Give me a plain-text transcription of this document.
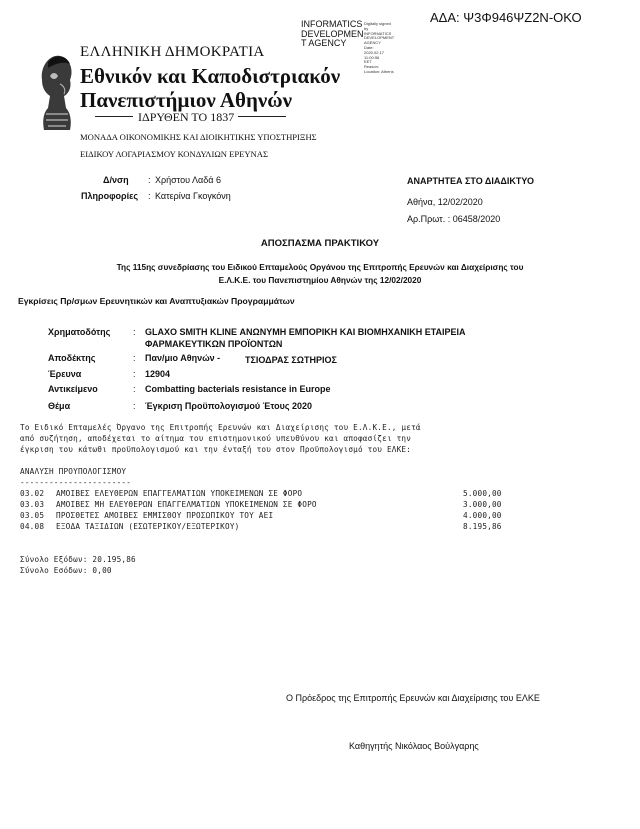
ΑΔΑ: Ψ3Φ946ΨΖ2Ν-ΟΚΟ
INFORMATICS
DEVELOPMEN
T AGENCY
Digitally signed by
INFORMATICS
DEVELOPMENT AGENCY
Date: 2020.02.17 11:00:56
EET
Reason:
Location: Athens
ΕΛΛΗΝΙΚΗ ΔΗΜΟΚΡΑΤΙΑ
Εθνικόν και Καποδιστριακόν
Πανεπιστήμιον Αθηνών
ΙΔΡΥΘΕΝ ΤΟ 1837
ΜΟΝΑΔΑ ΟΙΚΟΝΟΜΙΚΗΣ ΚΑΙ ΔΙΟΙΚΗΤΙΚΗΣ ΥΠΟΣΤΗΡΙΞΗΣ
ΕΙΔΙΚΟΥ ΛΟΓΑΡΙΑΣΜΟΥ ΚΟΝΔΥΛΙΩΝ ΕΡΕΥΝΑΣ
Δ/νση : Χρήστου Λαδά 6
Πληροφορίες : Κατερίνα Γκογκόνη
ΑΝΑΡΤΗΤΕΑ ΣΤΟ ΔΙΑΔΙΚΤΥΟ
Αθήνα, 12/02/2020
Αρ.Πρωτ. : 06458/2020
ΑΠΟΣΠΑΣΜΑ ΠΡΑΚΤΙΚΟΥ
Της 115ης συνεδρίασης του Ειδικού Επταμελούς Οργάνου της Επιτροπής Ερευνών και Διαχείρισης του
Ε.Λ.Κ.Ε. του Πανεπιστημίου Αθηνών της 12/02/2020
Εγκρίσεις Πρ/σμων Ερευνητικών και Αναπτυξιακών Προγραμμάτων
Χρηματοδότης	: GLAXO SMITH KLINE ΑΝΩΝΥΜΗ ΕΜΠΟΡΙΚΗ ΚΑΙ ΒΙΟΜΗΧΑΝΙΚΗ ΕΤΑΙΡΕΙΑ
ΦΑΡΜΑΚΕΥΤΙΚΩΝ ΠΡΟΪΟΝΤΩΝ
Αποδέκτης	: Παν/μιο Αθηνών -	ΤΣΙΟΔΡΑΣ ΣΩΤΗΡΙΟΣ
Έρευνα	: 12904
Αντικείμενο	: Combatting bacterials resistance in Europe
Θέμα	: Έγκριση Προϋπολογισμού Έτους 2020
Το Ειδικό Επταμελές Όργανο της Επιτροπής Ερευνών και Διαχείρισης του Ε.Λ.Κ.Ε., μετά
από συζήτηση, αποδέχεται το αίτημα του επιστημονικού υπευθύνου και αποφασίζει την
έγκριση του κάτωθι προϋπολογισμού και την ένταξή του στον Προϋπολογισμό του ΕΛΚΕ:
ΑΝΑΛΥΣΗ ΠΡΟΥΠΟΛΟΓΙΣΜΟΥ
-----------------------
03.02 ΑΜΟΙΒΕΣ ΕΛΕΥΘΕΡΩΝ ΕΠΑΓΓΕΛΜΑΤΙΩΝ ΥΠΟΚΕΙΜΕΝΩΝ ΣΕ ΦΟΡΟ	5.000,00
03.03 ΑΜΟΙΒΕΣ ΜΗ ΕΛΕΥΘΕΡΩΝ ΕΠΑΓΓΕΛΜΑΤΙΩΝ ΥΠΟΚΕΙΜΕΝΩΝ ΣΕ ΦΟΡΟ	3.000,00
03.05 ΠΡΟΣΘΕΤΕΣ ΑΜΟΙΒΕΣ ΕΜΜΙΣΘΟΥ ΠΡΟΣΩΠΙΚΟΥ ΤΟΥ ΑΕΙ	4.000,00
04.08 ΕΞΟΔΑ ΤΑΞΙΔΙΩΝ (ΕΣΩΤΕΡΙΚΟΥ/ΕΞΩΤΕΡΙΚΟΥ)	8.195,86
Σύνολο Εξόδων: 20.195,86
Σύνολο Εσόδων: 0,00
Ο Πρόεδρος της Επιτροπής Ερευνών και Διαχείρισης του ΕΛΚΕ
Καθηγητής Νικόλαος Βούλγαρης
